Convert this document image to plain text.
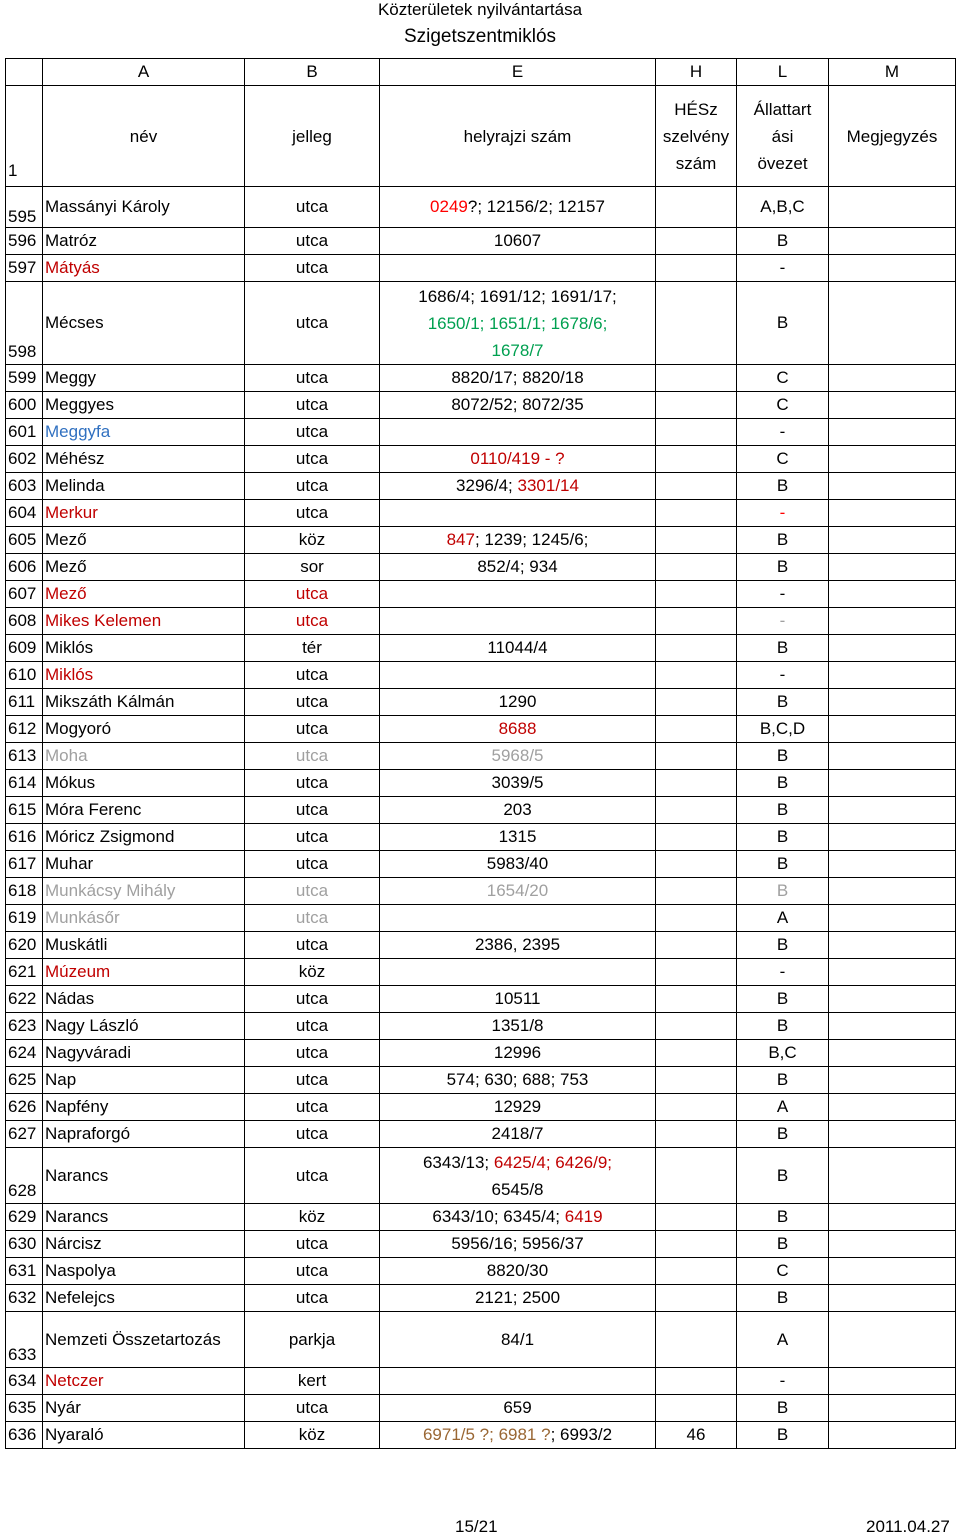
Közterületek nyilvántartása
Szigetszentmiklós
	A	B	E	H	L	M
1	név	jelleg	helyrajzi szám	HÉSz
szelvény
szám	Állattart
ási
övezet	Megjegyzés
595	Massányi Károly	utca	0249?; 12156/2; 12157		A,B,C	
596	Matróz	utca	10607		B	
597	Mátyás	utca			-	
598	Mécses	utca	1686/4; 1691/12; 1691/17;
1650/1; 1651/1; 1678/6;
1678/7		B	
599	Meggy	utca	8820/17; 8820/18		C	
600	Meggyes	utca	8072/52; 8072/35		C	
601	Meggyfa	utca			-	
602	Méhész	utca	0110/419 - ?		C	
603	Melinda	utca	3296/4; 3301/14		B	
604	Merkur	utca			-	
605	Mező	köz	847; 1239; 1245/6;		B	
606	Mező	sor	852/4; 934		B	
607	Mező	utca			-	
608	Mikes Kelemen	utca			-	
609	Miklós	tér	11044/4		B	
610	Miklós	utca			-	
611	Mikszáth Kálmán	utca	1290		B	
612	Mogyoró	utca	8688		B,C,D	
613	Moha	utca	5968/5		B	
614	Mókus	utca	3039/5		B	
615	Móra Ferenc	utca	203		B	
616	Móricz Zsigmond	utca	1315		B	
617	Muhar	utca	5983/40		B	
618	Munkácsy Mihály	utca	1654/20		B	
619	Munkásőr	utca			A	
620	Muskátli	utca	2386, 2395		B	
621	Múzeum	köz			-	
622	Nádas	utca	10511		B	
623	Nagy László	utca	1351/8		B	
624	Nagyváradi	utca	12996		B,C	
625	Nap	utca	574; 630; 688; 753		B	
626	Napfény	utca	12929		A	
627	Napraforgó	utca	2418/7		B	
628	Narancs	utca	6343/13; 6425/4; 6426/9;
6545/8		B	
629	Narancs	köz	6343/10; 6345/4; 6419		B	
630	Nárcisz	utca	5956/16; 5956/37		B	
631	Naspolya	utca	8820/30		C	
632	Nefelejcs	utca	2121; 2500		B	
633	Nemzeti Összetartozás	parkja	84/1		A	
634	Netczer	kert			-	
635	Nyár	utca	659		B	
636	Nyaraló	köz	6971/5 ?; 6981 ?; 6993/2	46	B	
15/21	2011.04.27
